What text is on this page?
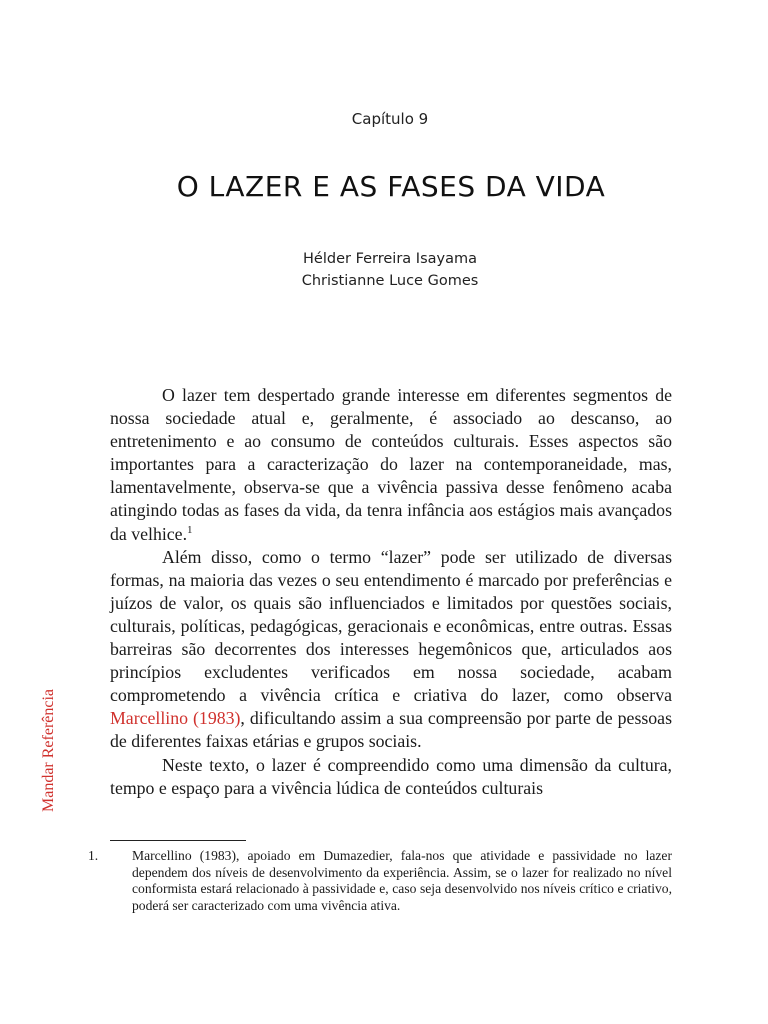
Capítulo 9
O LAZER E AS FASES DA VIDA
Hélder Ferreira Isayama
Christianne Luce Gomes

O lazer tem despertado grande interesse em diferentes segmentos de nossa sociedade atual e, geralmente, é associado ao descanso, ao entretenimento e ao consumo de conteúdos culturais. Esses aspectos são importantes para a caracterização do lazer na contemporaneidade, mas, lamentavelmente, observa-se que a vivência passiva desse fenômeno acaba atingindo todas as fases da vida, da tenra infância aos estágios mais avançados da velhice.$^1$

Além disso, como o termo “lazer” pode ser utilizado de diversas formas, na maioria das vezes o seu entendimento é marcado por preferências e juízos de valor, os quais são influenciados e limitados por questões sociais, culturais, políticas, pedagógicas, geracionais e econômicas, entre outras. Essas barreiras são decorrentes dos interesses hegemônicos que, articulados aos princípios excludentes verificados em nossa sociedade, acabam comprometendo a vivência crítica e criativa do lazer, como observa Marcellino (1983), dificultando assim a sua compreensão por parte de pessoas de diferentes faixas etárias e grupos sociais.

Neste texto, o lazer é compreendido como uma dimensão da cultura, tempo e espaço para a vivência lúdica de conteúdos culturais

1. Marcellino (1983), apoiado em Dumazedier, fala-nos que atividade e passividade no lazer dependem dos níveis de desenvolvimento da experiência. Assim, se o lazer for realizado no nível conformista estará relacionado à passividade e, caso seja desenvolvido nos níveis crítico e criativo, poderá ser caracterizado com uma vivência ativa.
Mandar Referência
